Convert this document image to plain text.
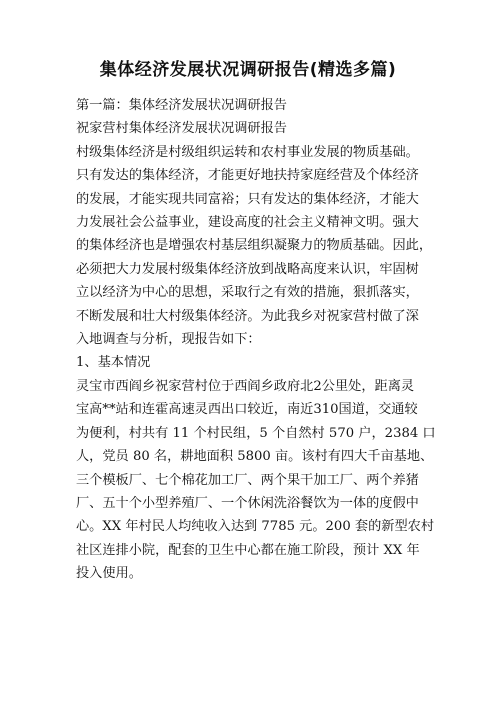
集体经济发展状况调研报告(精选多篇)
第一篇：集体经济发展状况调研报告
祝家营村集体经济发展状况调研报告
村级集体经济是村级组织运转和农村事业发展的物质基础。
只有发达的集体经济，才能更好地扶持家庭经营及个体经济
的发展，才能实现共同富裕；只有发达的集体经济，才能大
力发展社会公益事业，建设高度的社会主义精神文明。强大
的集体经济也是增强农村基层组织凝聚力的物质基础。因此，
必须把大力发展村级集体经济放到战略高度来认识，牢固树
立以经济为中心的思想，采取行之有效的措施，狠抓落实，
不断发展和壮大村级集体经济。为此我乡对祝家营村做了深
入地调查与分析，现报告如下：
1、基本情况
灵宝市西阎乡祝家营村位于西阎乡政府北2公里处，距离灵
宝高**站和连霍高速灵西出口较近，南近310国道，交通较
为便利，村共有 11 个村民组，5 个自然村 570 户，2384 口
人，党员 80 名，耕地面积 5800 亩。该村有四大千亩基地、
三个模板厂、七个棉花加工厂、两个果干加工厂、两个养猪
厂、五十个小型养殖厂、一个休闲洗浴餐饮为一体的度假中
心。XX 年村民人均纯收入达到 7785 元。200 套的新型农村
社区连排小院，配套的卫生中心都在施工阶段，预计 XX 年
投入使用。
